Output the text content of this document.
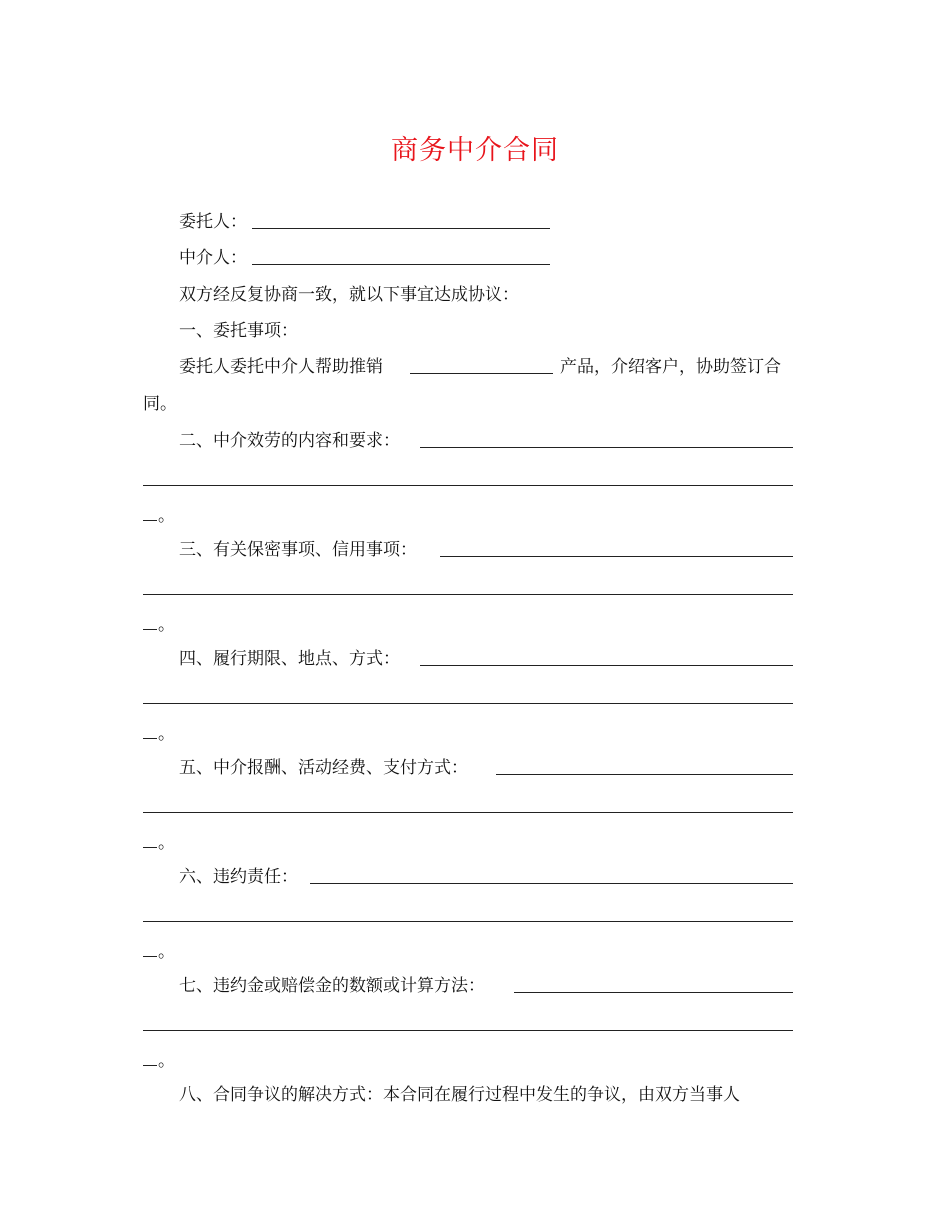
商务中介合同
委托人：
中介人：
双方经反复协商一致，就以下事宜达成协议：
一、委托事项：
委托人委托中介人帮助推销	产品，介绍客户，协助签订合
同。
二、中介效劳的内容和要求：
。
三、有关保密事项、信用事项：
。
四、履行期限、地点、方式：
。
五、中介报酬、活动经费、支付方式：
。
六、违约责任：
。
七、违约金或赔偿金的数额或计算方法：
。
八、合同争议的解决方式：本合同在履行过程中发生的争议，由双方当事人
